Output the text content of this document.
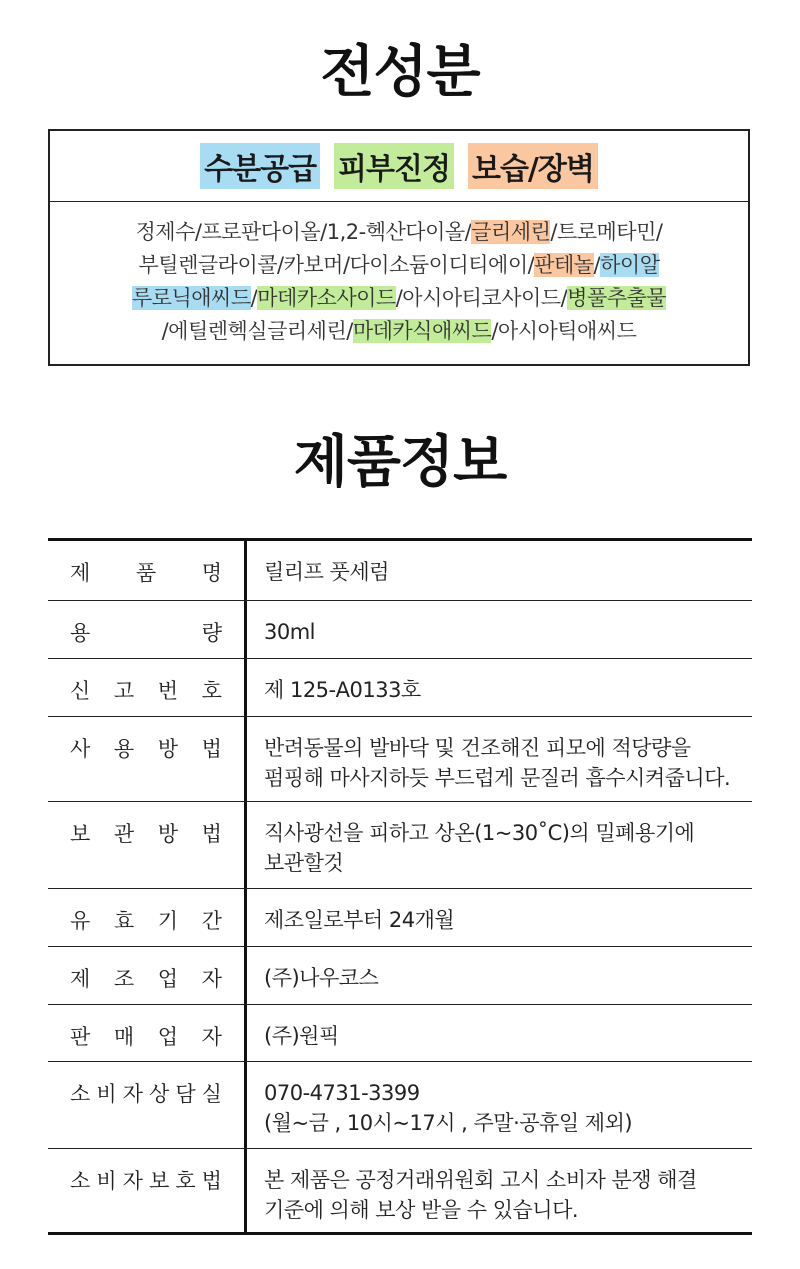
전성분
수분공급 피부진정 보습/장벽
정제수/프로판다이올/1,2-헥산다이올/글리세린/트로메타민/
부틸렌글라이콜/카보머/다이소듐이디티에이/판테놀/하이알
루로닉애씨드/마데카소사이드/아시아티코사이드/병풀추출물
/에틸렌헥실글리세린/마데카식애씨드/아시아틱애씨드
제품정보
제 품 명 릴리프 풋세럼
용	량 30ml
신 고 번 호 제 125-A0133호
사 용 방 법 반려동물의 발바닥 및 건조해진 피모에 적당량을
펌핑해 마사지하듯 부드럽게 문질러 흡수시켜줍니다.
보 관 방 법 직사광선을 피하고 상온(1~30˚C)의 밀폐용기에
보관할것
유 효 기 간 제조일로부터 24개월
제 조 업 자 (주)나우코스
판 매 업 자 (주)원픽
소 비 자 상 담 실 070-4731-3399
(월~금 , 10시~17시 , 주말·공휴일 제외)
소 비 자 보 호 법 본 제품은 공정거래위원회 고시 소비자 분쟁 해결
기준에 의해 보상 받을 수 있습니다.
